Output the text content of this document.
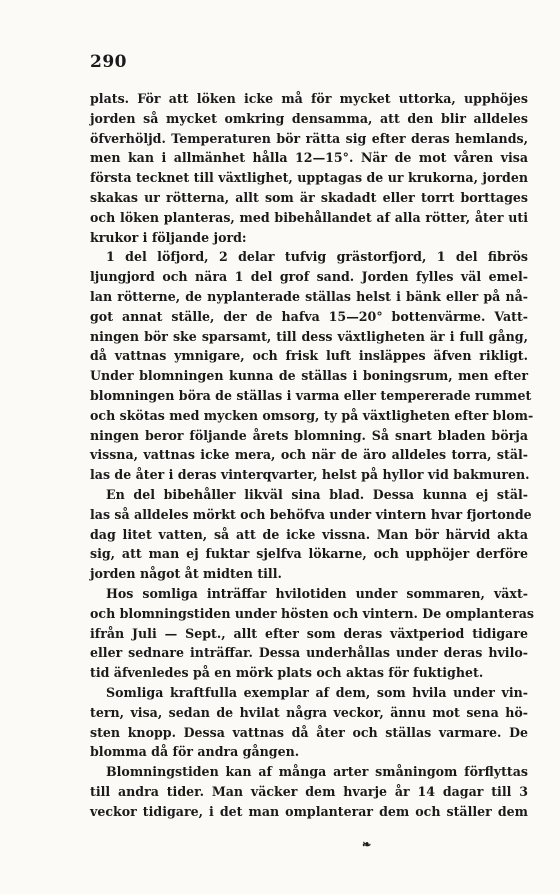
290
plats. För att löken icke må för mycket uttorka, upphöjes
jorden så mycket omkring densamma, att den blir alldeles
öfverhöljd. Temperaturen bör rätta sig efter deras hemlands,
men kan i allmänhet hålla 12—15°. När de mot våren visa
första tecknet till växtlighet, upptagas de ur krukorna, jorden
skakas ur rötterna, allt som är skadadt eller torrt borttages
och löken planteras, med bibehållandet af alla rötter, åter uti
krukor i följande jord:
1 del löfjord, 2 delar tufvig grästorfjord, 1 del fibrös
ljungjord och nära 1 del grof sand. Jorden fylles väl emel-
lan rötterne, de nyplanterade ställas helst i bänk eller på nå-
got annat ställe, der de hafva 15—20° bottenvärme. Vatt-
ningen bör ske sparsamt, till dess växtligheten är i full gång,
då vattnas ymnigare, och frisk luft insläppes äfven rikligt.
Under blomningen kunna de ställas i boningsrum, men efter
blomningen böra de ställas i varma eller tempererade rummet
och skötas med mycken omsorg, ty på växtligheten efter blom-
ningen beror följande årets blomning. Så snart bladen börja
vissna, vattnas icke mera, och när de äro alldeles torra, stäl-
las de åter i deras vinterqvarter, helst på hyllor vid bakmuren.
En del bibehåller likväl sina blad. Dessa kunna ej stäl-
las så alldeles mörkt och behöfva under vintern hvar fjortonde
dag litet vatten, så att de icke vissna. Man bör härvid akta
sig, att man ej fuktar sjelfva lökarne, och upphöjer derföre
jorden något åt midten till.
Hos somliga inträffar hvilotiden under sommaren, växt-
och blomningstiden under hösten och vintern. De omplanteras
ifrån Juli — Sept., allt efter som deras växtperiod tidigare
eller sednare inträffar. Dessa underhållas under deras hvilo-
tid äfvenledes på en mörk plats och aktas för fuktighet.
Somliga kraftfulla exemplar af dem, som hvila under vin-
tern, visa, sedan de hvilat några veckor, ännu mot sena hö-
sten knopp. Dessa vattnas då åter och ställas varmare. De
blomma då för andra gången.
Blomningstiden kan af många arter småningom förflyttas
till andra tider. Man väcker dem hvarje år 14 dagar till 3
veckor tidigare, i det man omplanterar dem och ställer dem
❧
